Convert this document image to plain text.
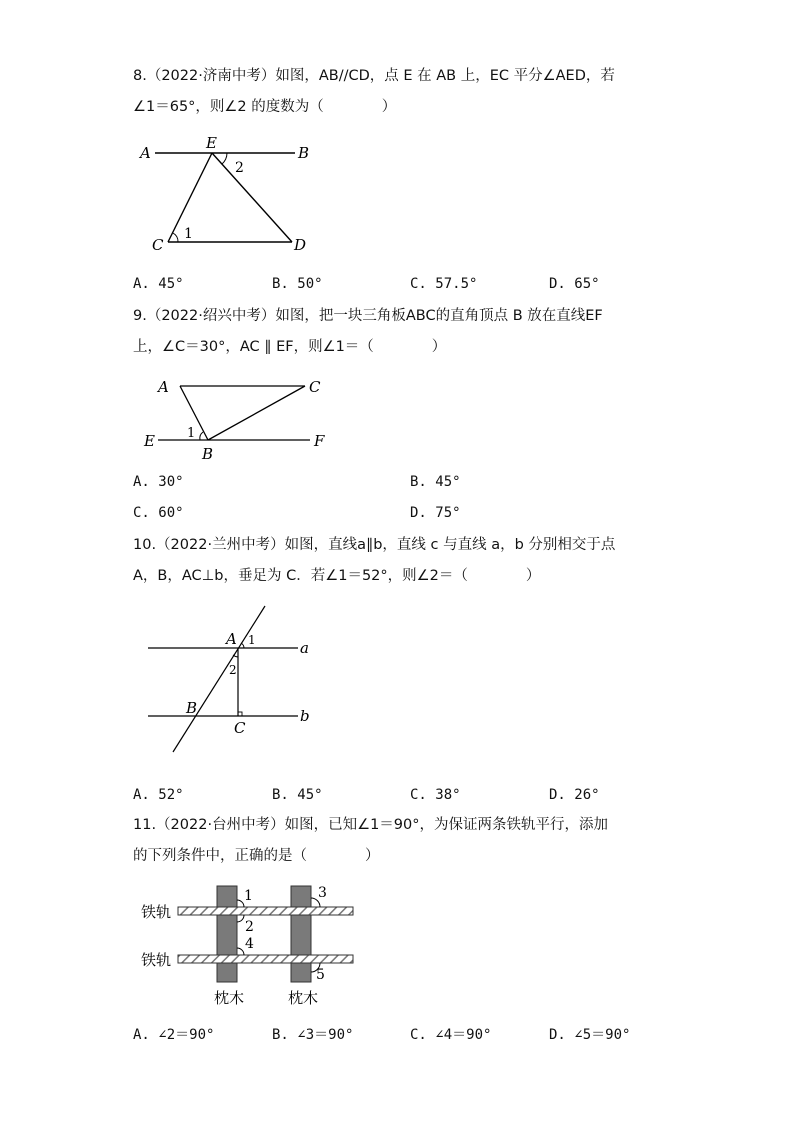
8.（2022·济南中考）如图，AB//CD，点 E 在 AB 上，EC 平分∠AED，若
∠1＝65°，则∠2 的度数为（　　　　）
A
E
B
C	D
1
2
A. 45°	B. 50°	C. 57.5°	D. 65°
9.（2022·绍兴中考）如图，把一块三角板ABC的直角顶点 B 放在直线EF
上，∠C＝30°，AC ∥ EF，则∠1＝（　　　　）
A	C
E	F
B
1
A. 30°	B. 45°
C. 60°	D. 75°
10.（2022·兰州中考）如图，直线a∥b，直线 c 与直线 a，b 分别相交于点
A，B，AC⊥b，垂足为 C．若∠1＝52°，则∠2＝（　　　　）
A 1
2
a
b
B
C
A. 52°	B. 45°	C. 38°	D. 26°
11.（2022·台州中考）如图，已知∠1＝90°，为保证两条铁轨平行，添加
的下列条件中，正确的是（　　　　）
1
2
3
4
5
铁轨
铁轨
枕木	枕木
A. ∠2＝90°	B. ∠3＝90°	C. ∠4＝90°	D. ∠5＝90°
